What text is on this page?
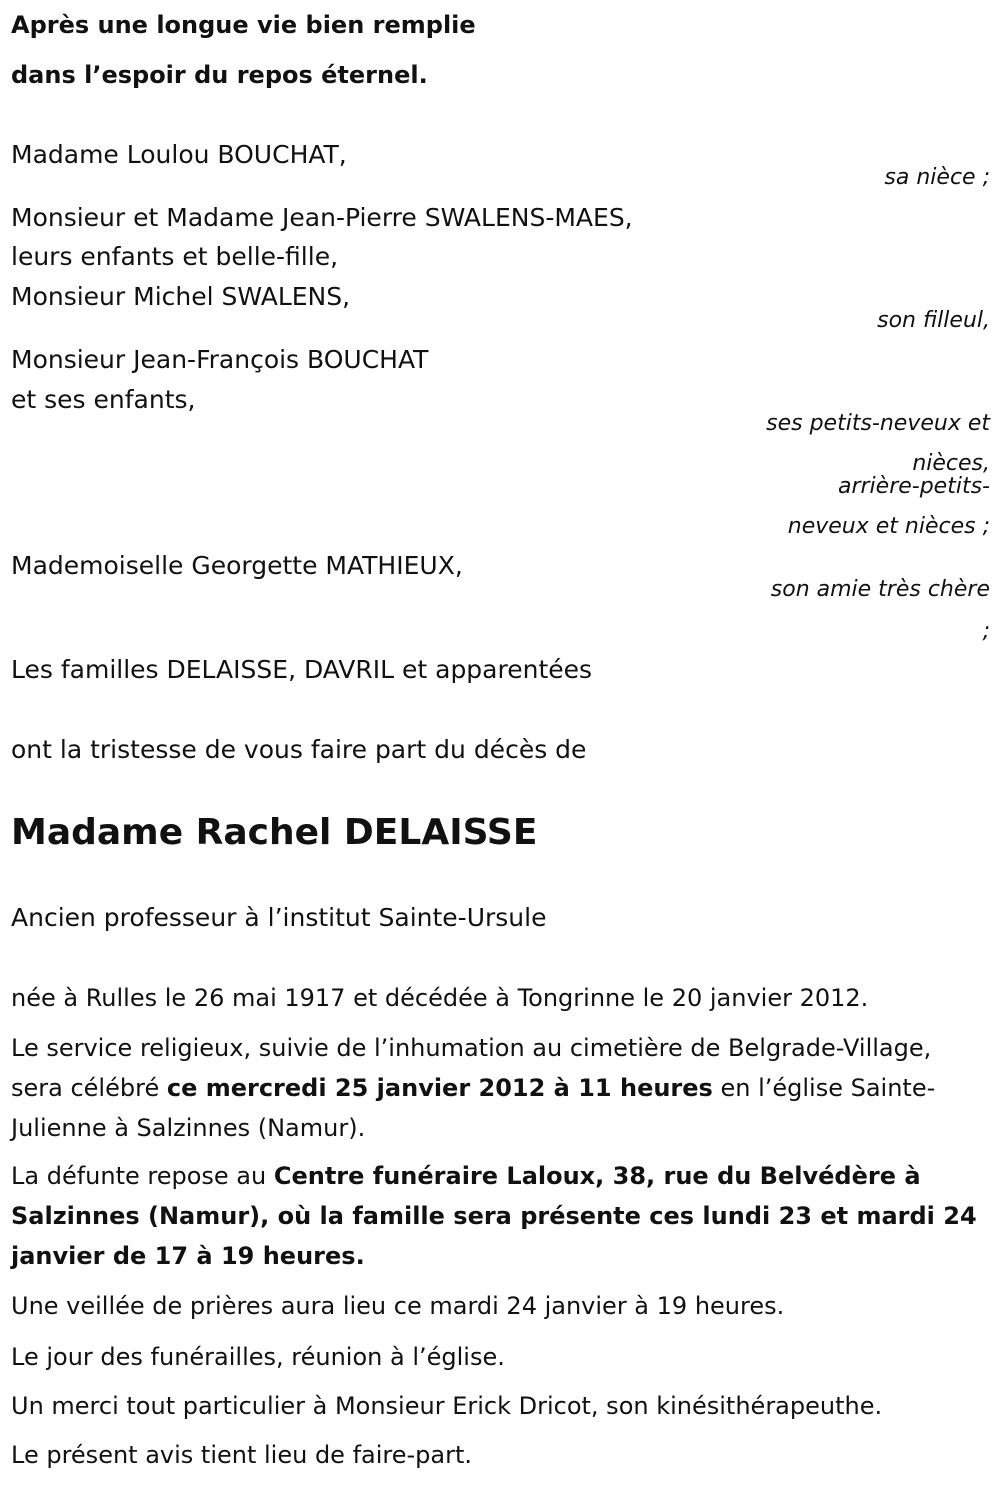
Après une longue vie bien remplie
dans l’espoir du repos éternel.
Madame Loulou BOUCHAT,
sa nièce ;
Monsieur et Madame Jean-Pierre SWALENS-MAES,
leurs enfants et belle-fille,
Monsieur Michel SWALENS,
son filleul,
Monsieur Jean-François BOUCHAT
et ses enfants,
ses petits-neveux et
nièces,
arrière-petits-
neveux et nièces ;
Mademoiselle Georgette MATHIEUX,
son amie très chère
;
Les familles DELAISSE, DAVRIL et apparentées
ont la tristesse de vous faire part du décès de
Madame Rachel DELAISSE
Ancien professeur à l’institut Sainte-Ursule
née à Rulles le 26 mai 1917 et décédée à Tongrinne le 20 janvier 2012.
Le service religieux, suivie de l’inhumation au cimetière de Belgrade-Village, sera célébré ce mercredi 25 janvier 2012 à 11 heures en l’église Sainte-Julienne à Salzinnes (Namur).
La défunte repose au Centre funéraire Laloux, 38, rue du Belvédère à Salzinnes (Namur), où la famille sera présente ces lundi 23 et mardi 24 janvier de 17 à 19 heures.
Une veillée de prières aura lieu ce mardi 24 janvier à 19 heures.
Le jour des funérailles, réunion à l’église.
Un merci tout particulier à Monsieur Erick Dricot, son kinésithérapeuthe.
Le présent avis tient lieu de faire-part.
